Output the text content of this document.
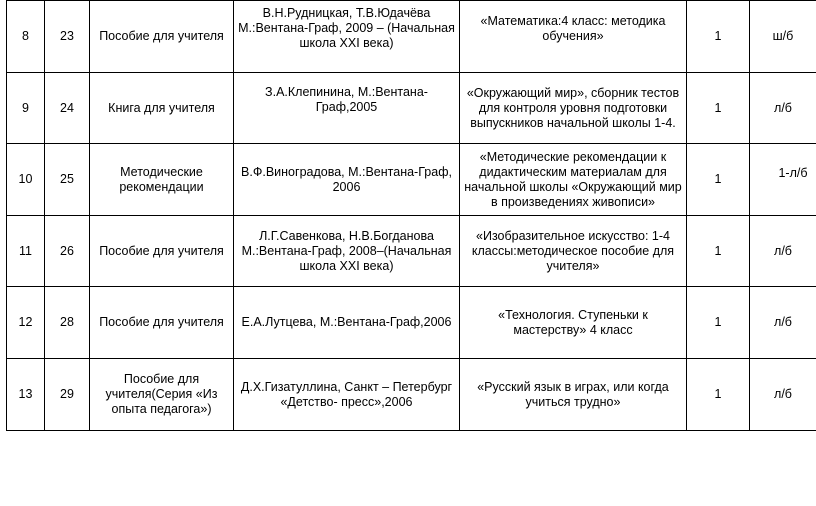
8	23	Пособие для учителя	В.Н.Рудницкая, Т.В.Юдачёва М.:Вентана-Граф, 2009 – (Начальная школа XXI века)	«Математика:4 класс: методика обучения»	1	ш/б
9	24	Книга для учителя	З.А.Клепинина, М.:Вентана-Граф,2005	«Окружающий мир», сборник тестов для контроля уровня подготовки выпускников начальной школы 1-4.	1	л/б
10	25	Методические рекомендации	В.Ф.Виноградова, М.:Вентана-Граф, 2006	«Методические рекомендации к дидактическим материалам для начальной школы «Окружающий мир в произведениях живописи»	1	1-л/б

11	26	Пособие для учителя	Л.Г.Савенкова, Н.В.Богданова М.:Вентана-Граф, 2008–(Начальная школа XXI века)	«Изобразительное искусство: 1-4 классы:методическое пособие для учителя»	1	л/б
12	28	Пособие для учителя	Е.А.Лутцева, М.:Вентана-Граф,2006	«Технология. Ступеньки к мастерству» 4 класс	1	л/б
13	29	Пособие для учителя(Серия «Из опыта педагога»)	Д.Х.Гизатуллина, Санкт – Петербург «Детство- пресс»,2006	«Русский язык в играх, или когда учиться трудно»	1	л/б
